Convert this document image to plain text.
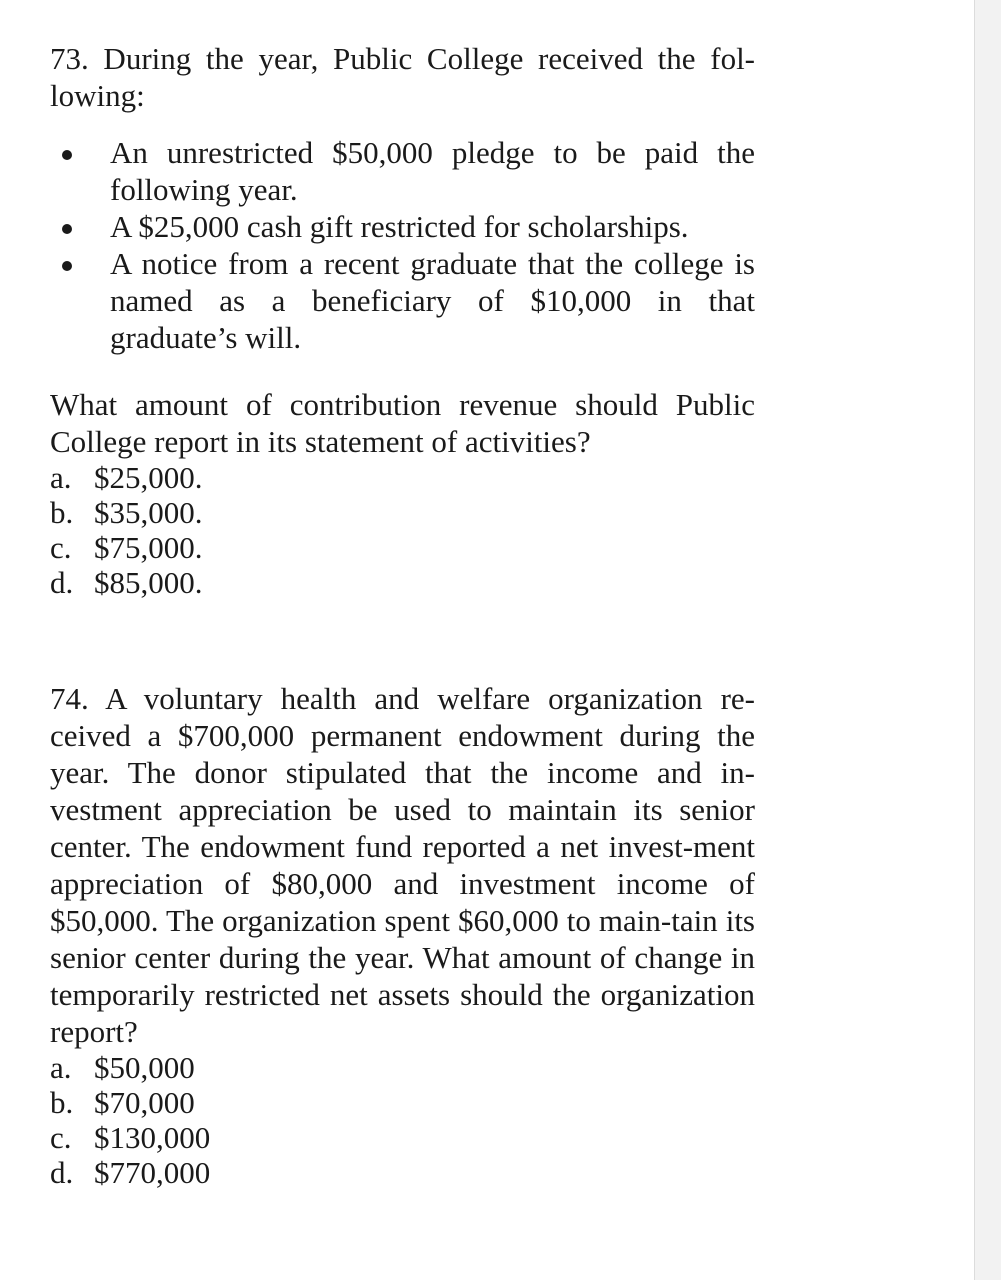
73. During the year, Public College received the fol-lowing:

An unrestricted $50,000 pledge to be paid the following year.
A $25,000 cash gift restricted for scholarships.
A notice from a recent graduate that the college is named as a beneficiary of $10,000 in that graduate’s will.

What amount of contribution revenue should Public College report in its statement of activities?

a. $25,000.
b. $35,000.
c. $75,000.
d. $85,000.

74. A voluntary health and welfare organization re-ceived a $700,000 permanent endowment during the year. The donor stipulated that the income and in-vestment appreciation be used to maintain its senior center. The endowment fund reported a net invest-ment appreciation of $80,000 and investment income of $50,000. The organization spent $60,000 to main-tain its senior center during the year. What amount of change in temporarily restricted net assets should the organization report?

a. $50,000
b. $70,000
c. $130,000
d. $770,000
